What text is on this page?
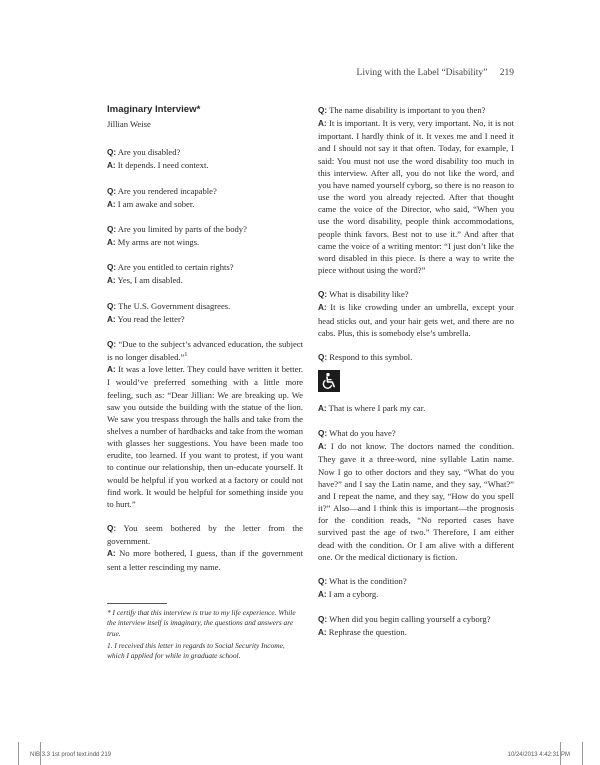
Living with the Label “Disability” 219
Imaginary Interview*
Jillian Weise

Q: Are you disabled?

A: It depends. I need context.

Q: Are you rendered incapable?

A: I am awake and sober.

Q: Are you limited by parts of the body?

A: My arms are not wings.

Q: Are you entitled to certain rights?

A: Yes, I am disabled.

Q: The U.S. Government disagrees.

A: You read the letter?

Q: “Due to the subject’s advanced education, the subject is no longer disabled.”$^1$

A: It was a love letter. They could have written it better. I would’ve preferred something with a little more feeling, such as: “Dear Jillian: We are breaking up. We saw you outside the building with the statue of the lion. We saw you trespass through the halls and take from the shelves a number of hardbacks and take from the woman with glasses her suggestions. You have been made too erudite, too learned. If you want to protest, if you want to continue our relationship, then un-educate yourself. It would be helpful if you worked at a factory or could not find work. It would be helpful for something inside you to hurt.”

Q: You seem bothered by the letter from the government.

A: No more bothered, I guess, than if the government sent a letter rescinding my name.

* I certify that this interview is true to my life experience. While the interview itself is imaginary, the questions and answers are true.

1. I received this letter in regards to Social Security Income, which I applied for while in graduate school.

Q: The name disability is important to you then?

A: It is important. It is very, very important. No, it is not important. I hardly think of it. It vexes me and I need it and I should not say it that often. Today, for example, I said: You must not use the word disability too much in this interview. After all, you do not like the word, and you have named yourself cyborg, so there is no reason to use the word you already rejected. After that thought came the voice of the Director, who said, “When you use the word disability, people think accommodations, people think favors. Best not to use it.” And after that came the voice of a writing mentor: “I just don’t like the word disabled in this piece. Is there a way to write the piece without using the word?”

Q: What is disability like?

A: It is like crowding under an umbrella, except your head sticks out, and your hair gets wet, and there are no cabs. Plus, this is somebody else’s umbrella.

Q: Respond to this symbol.

A: That is where I park my car.

Q: What do you have?

A: I do not know. The doctors named the condition. They gave it a three-word, nine syllable Latin name. Now I go to other doctors and they say, “What do you have?” and I say the Latin name, and they say, “What?” and I repeat the name, and they say, “How do you spell it?” Also—and I think this is important—the prognosis for the condition reads, “No reported cases have survived past the age of two.” Therefore, I am either dead with the condition. Or I am alive with a different one. Or the medical dictionary is fiction.

Q: What is the condition?

A: I am a cyborg.

Q: When did you begin calling yourself a cyborg?

A: Rephrase the question.

NIB 3.3 1st proof text.indd 219	10/24/2013 4:42:31 PM
